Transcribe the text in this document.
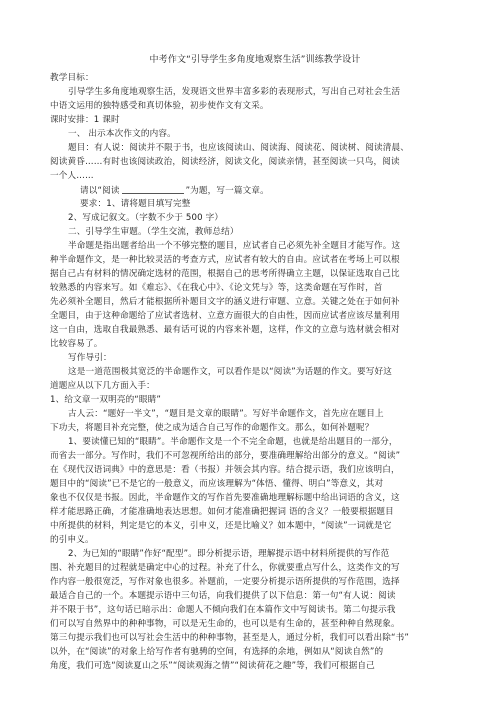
中考作文“引导学生多角度地观察生活”训练教学设计
教学目标：
引导学生多角度地观察生活，发现语文世界丰富多彩的表现形式，写出自己对社会生活
中语文运用的独特感受和真切体验，初步使作文有文采。
课时安排：1 课时
一、 出示本次作文的内容。
题目：有人说：阅读并不限于书，也应该阅读山、阅读海、阅读花、阅读树、阅读清晨、
阅读黄昏……有时也该阅读政治，阅读经济，阅读文化，阅读亲情，甚至阅读一只鸟，阅读
一个人……
请以“阅读	”为题，写一篇文章。
要求：1、请将题目填写完整
2、写成记叙文。（字数不少于 500 字）
二、引导学生审题。（学生交流，教师总结）
半命题是指出题者给出一个不够完整的题目，应试者自己必须先补全题目才能写作。这
种半命题作文，是一种比较灵活的考查方式，应试者有较大的自由。应试者在考场上可以根
据自己占有材料的情况确定选材的范围，根据自己的思考所得确立主题，以保证选取自己比
较熟悉的内容来写。如《难忘》、《在我心中》、《论文凭与》等，这类命题在写作时，首
先必须补全题目，然后才能根据所补题目文字的涵义进行审题、立意。关键之处在于如何补
全题目，由于这种命题给了应试者选材、立意方面很大的自由性，因而应试者应该尽量利用
这一自由，选取自我最熟悉、最有话可说的内容来补题，这样，作文的立意与选材就会相对
比较容易了。
写作导引：
这是一道范围极其宽泛的半命题作文，可以看作是以“阅读”为话题的作文。要写好这
道题应从以下几方面入手：
1、给文章一双明亮的“眼睛”
古人云：“题好一半文”，“题目是文章的眼睛”。写好半命题作文，首先应在题目上
下功夫，将题目补充完整，使之成为适合自己写作的命题作文。那么，如何补题呢？
1、要读懂已知的“眼睛”。半命题作文是一个不完全命题，也就是给出题目的一部分，
而省去一部分。写作时，我们不可忽视所给出的部分，要准确理解给出部分的意义。“阅读”
在《现代汉语词典》中的意思是：看（书报）并领会其内容。结合提示语，我们应该明白，
题目中的“阅读”已不是它的一般意义，而应该理解为“体悟、懂得、明白”等意义，其对
象也不仅仅是书报。因此，半命题作文的写作首先要准确地理解标题中给出词语的含义，这
样才能思路正确，才能准确地表达思想。如何才能准确把握词 语的含义？一般要根据题目
中所提供的材料，判定是它的本义，引申义，还是比喻义？如本题中，“阅读”一词就是它
的引申义。
2、为已知的“眼睛”作好“配型”。即分析提示语，理解提示语中材料所提供的写作范
围、补充题目的过程就是确定中心的过程。补充了什么，你就要重点写什么，这类作文的写
作内容一般很宽泛，写作对象也很多。补题前，一定要分析提示语所提供的写作范围，选择
最适合自己的一个。本题提示语中三句话，向我们提供了以下信息：第一句“有人说：阅读
并不限于书”，这句话已暗示出：命题人不倾向我们在本篇作文中写阅读书。第二句提示我
们可以写自然界中的种种事物，可以是无生命的，也可以是有生命的，甚至种种自然现象。
第三句提示我们也可以写社会生活中的种种事物，甚至是人，通过分析，我们可以看出除“书”
以外，在“阅读”的对象上给写作者有驰骋的空间，有选择的余地，例如从“阅读自然”的
角度，我们可选“阅读夏山之乐”“阅读观海之情”“阅读荷花之趣”等，我们可根据自己
